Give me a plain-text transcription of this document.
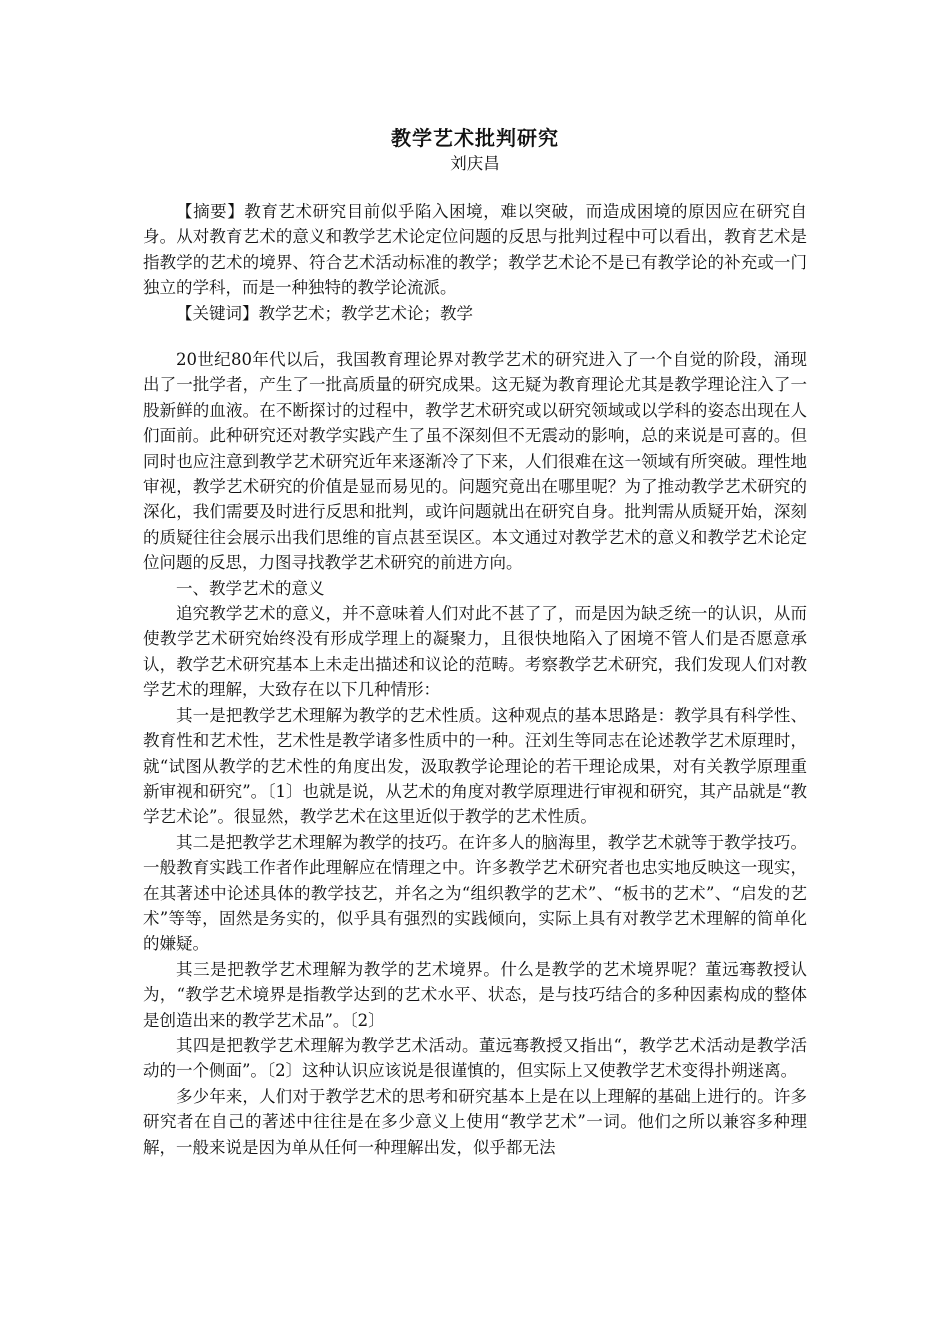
教学艺术批判研究
刘庆昌

【摘要】教育艺术研究目前似乎陷入困境，难以突破，而造成困境的原因应在研究自身。从对教育艺术的意义和教学艺术论定位问题的反思与批判过程中可以看出，教育艺术是指教学的艺术的境界、符合艺术活动标准的教学；教学艺术论不是已有教学论的补充或一门独立的学科，而是一种独特的教学论流派。

【关键词】教学艺术；教学艺术论；教学

20世纪80年代以后，我国教育理论界对教学艺术的研究进入了一个自觉的阶段，涌现出了一批学者，产生了一批高质量的研究成果。这无疑为教育理论尤其是教学理论注入了一股新鲜的血液。在不断探讨的过程中，教学艺术研究或以研究领域或以学科的姿态出现在人们面前。此种研究还对教学实践产生了虽不深刻但不无震动的影响，总的来说是可喜的。但同时也应注意到教学艺术研究近年来逐渐冷了下来，人们很难在这一领域有所突破。理性地审视，教学艺术研究的价值是显而易见的。问题究竟出在哪里呢？为了推动教学艺术研究的深化，我们需要及时进行反思和批判，或许问题就出在研究自身。批判需从质疑开始，深刻的质疑往往会展示出我们思维的盲点甚至误区。本文通过对教学艺术的意义和教学艺术论定位问题的反思，力图寻找教学艺术研究的前进方向。

一、教学艺术的意义

追究教学艺术的意义，并不意味着人们对此不甚了了，而是因为缺乏统一的认识，从而使教学艺术研究始终没有形成学理上的凝聚力，且很快地陷入了困境不管人们是否愿意承认，教学艺术研究基本上未走出描述和议论的范畴。考察教学艺术研究，我们发现人们对教学艺术的理解，大致存在以下几种情形：

其一是把教学艺术理解为教学的艺术性质。这种观点的基本思路是：教学具有科学性、教育性和艺术性，艺术性是教学诸多性质中的一种。汪刘生等同志在论述教学艺术原理时，就“试图从教学的艺术性的角度出发，汲取教学论理论的若干理论成果，对有关教学原理重新审视和研究”。〔1〕也就是说，从艺术的角度对教学原理进行审视和研究，其产品就是“教学艺术论”。很显然，教学艺术在这里近似于教学的艺术性质。

其二是把教学艺术理解为教学的技巧。在许多人的脑海里，教学艺术就等于教学技巧。一般教育实践工作者作此理解应在情理之中。许多教学艺术研究者也忠实地反映这一现实，在其著述中论述具体的教学技艺，并名之为“组织教学的艺术”、“板书的艺术”、“启发的艺术”等等，固然是务实的，似乎具有强烈的实践倾向，实际上具有对教学艺术理解的简单化的嫌疑。

其三是把教学艺术理解为教学的艺术境界。什么是教学的艺术境界呢？董远骞教授认为，“教学艺术境界是指教学达到的艺术水平、状态，是与技巧结合的多种因素构成的整体是创造出来的教学艺术品”。〔2〕

其四是把教学艺术理解为教学艺术活动。董远骞教授又指出“，教学艺术活动是教学活动的一个侧面”。〔2〕这种认识应该说是很谨慎的，但实际上又使教学艺术变得扑朔迷离。

多少年来，人们对于教学艺术的思考和研究基本上是在以上理解的基础上进行的。许多研究者在自己的著述中往往是在多少意义上使用“教学艺术”一词。他们之所以兼容多种理解，一般来说是因为单从任何一种理解出发，似乎都无法
